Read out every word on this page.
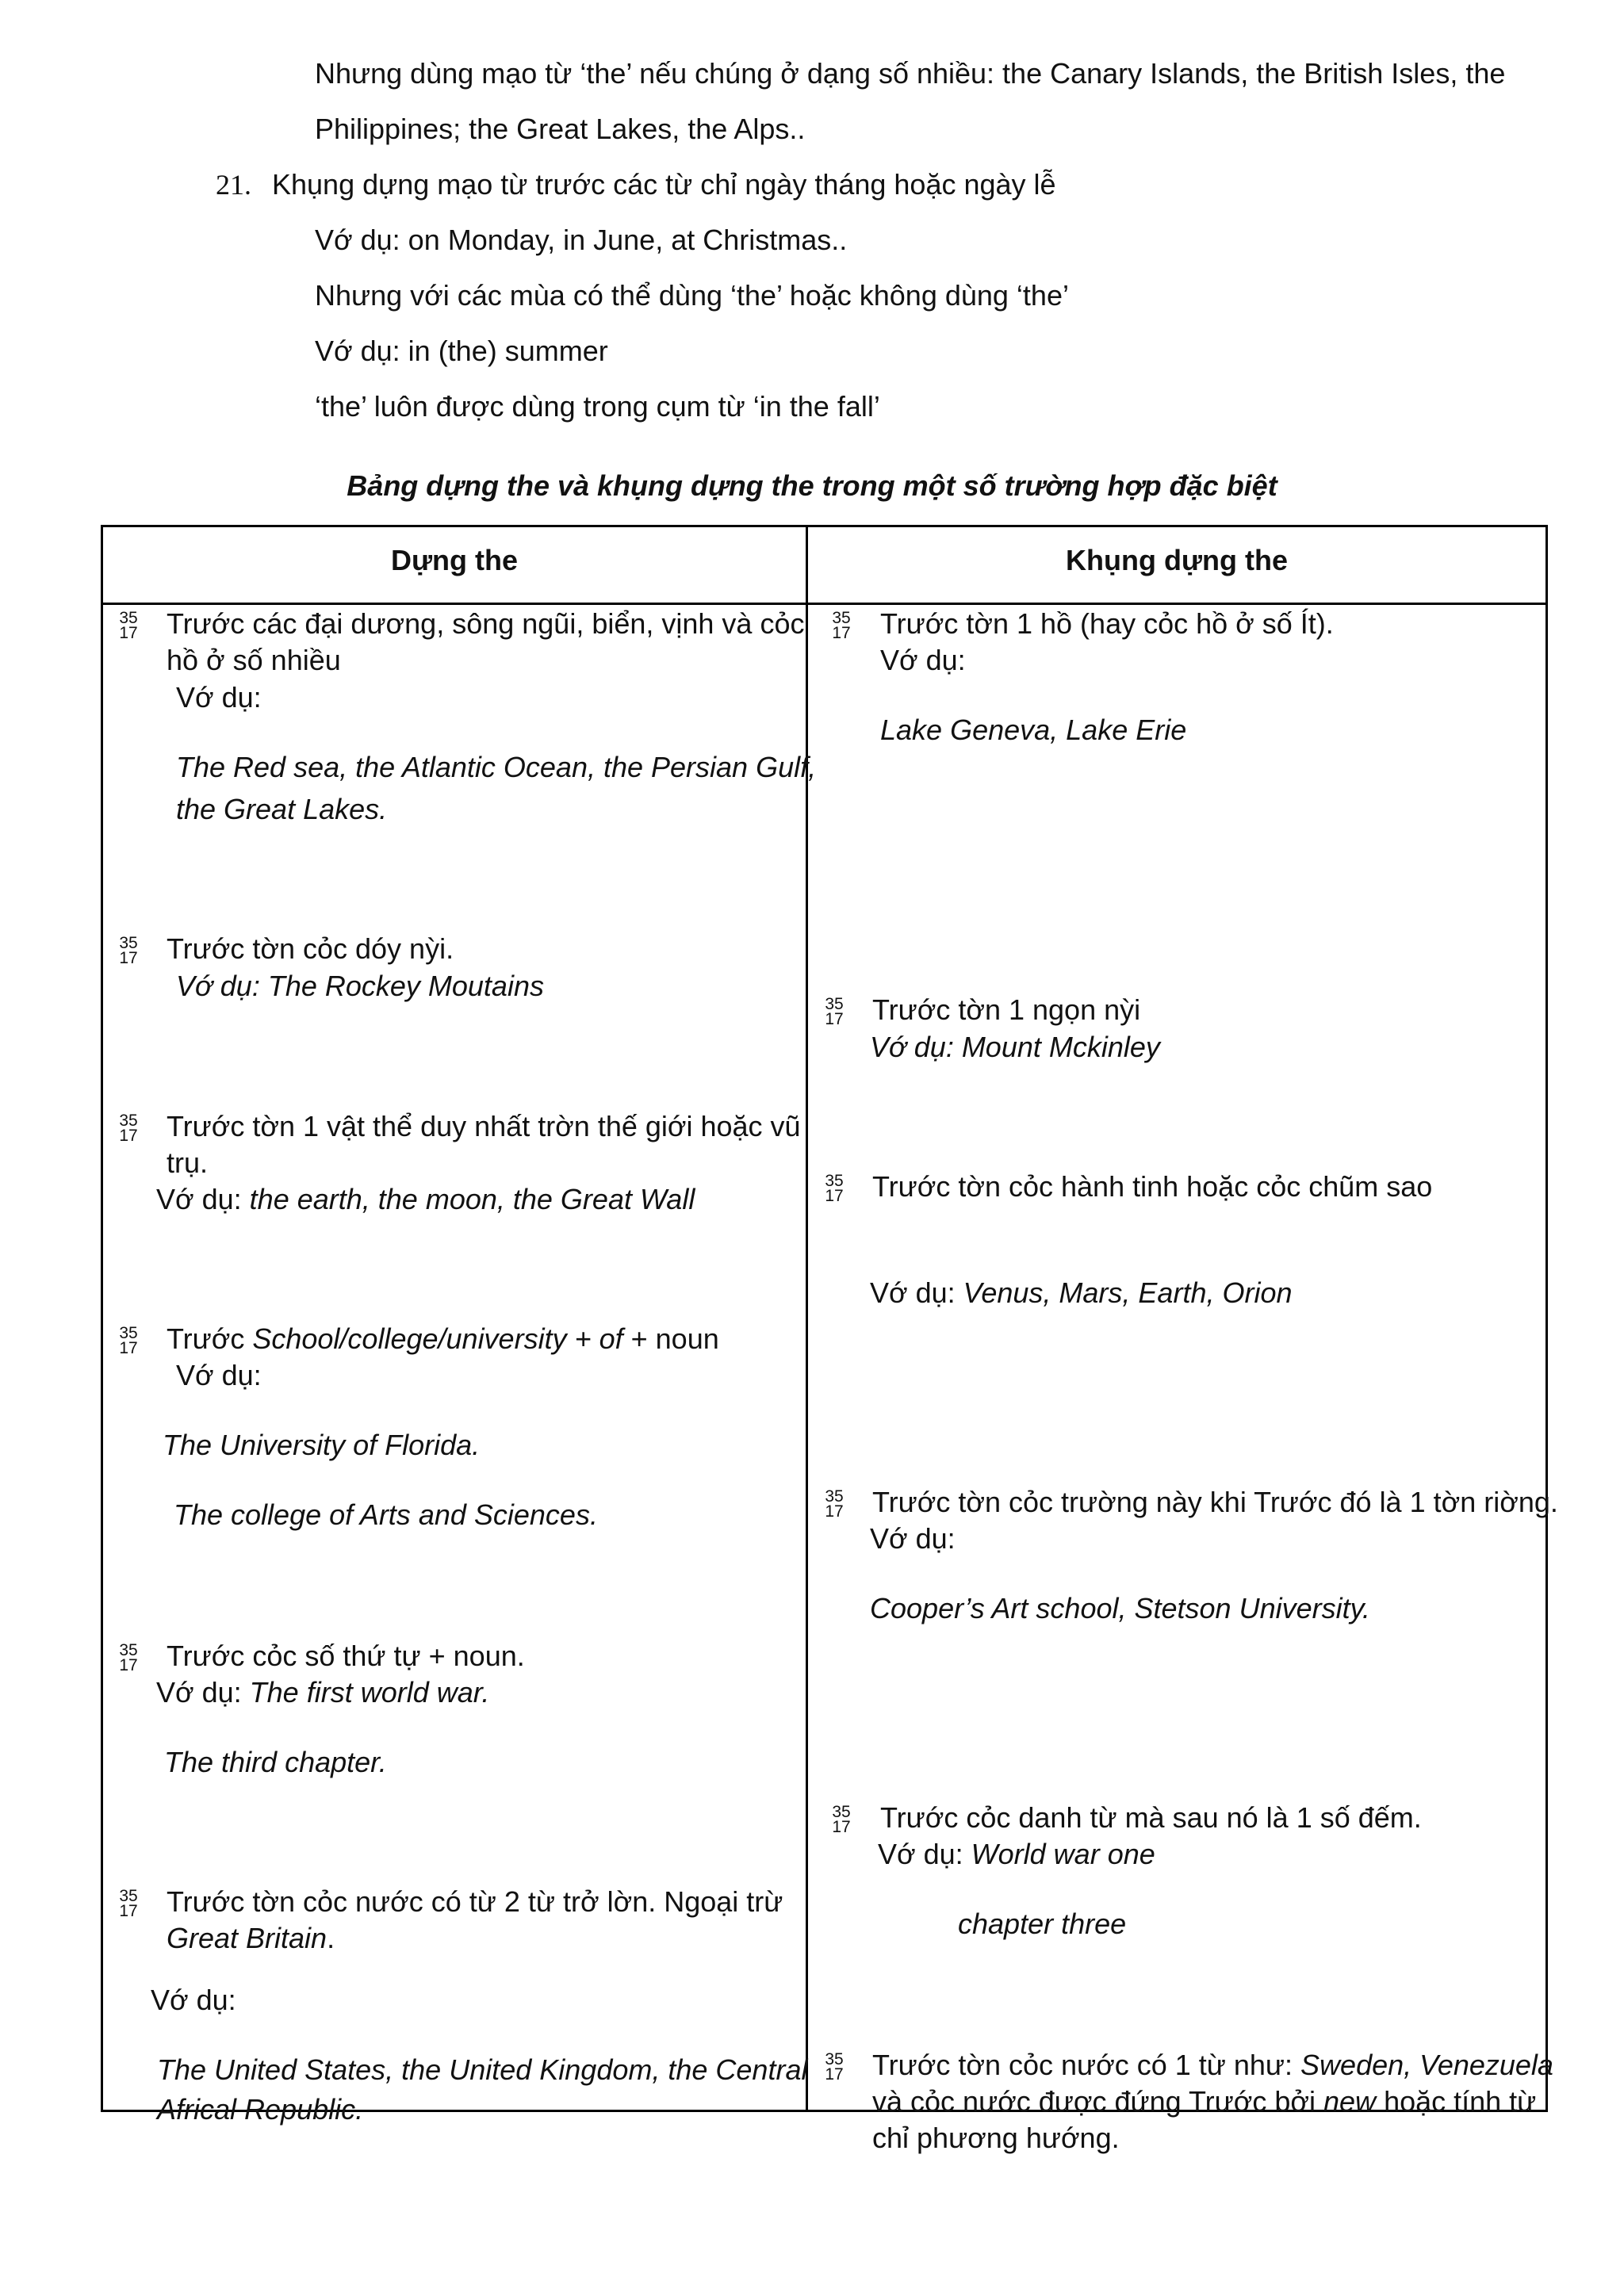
Nhưng dùng mạo từ ‘the’ nếu chúng ở dạng số nhiều: the Canary Islands, the British Isles, the
Philippines; the Great Lakes, the Alps..
21. Khụng dựng mạo từ trước các từ chỉ ngày tháng hoặc ngày lễ
Vớ dụ: on Monday, in June, at Christmas..
Nhưng với các mùa có thể dùng ‘the’ hoặc không dùng ‘the’
Vớ dụ: in (the) summer
‘the’ luôn được dùng trong cụm từ ‘in the fall’
Bảng dựng the và khụng dựng the trong một số trường hợp đặc biệt
Dựng the	Khụng dựng the
35
17 Trước các đại dương, sông ngũi, biển, vịnh và cỏc
hồ ở số nhiều
Vớ dụ:
The Red sea, the Atlantic Ocean, the Persian Gulf,
the Great Lakes.
35
17 Trước tờn cỏc dóy nỳi.
Vớ dụ: The Rockey Moutains
35
17 Trước tờn 1 vật thể duy nhất trờn thế giới hoặc vũ
trụ.
Vớ dụ: the earth, the moon, the Great Wall
35
17 Trước School/college/university + of + noun
Vớ dụ:
The University of Florida.
The college of Arts and Sciences.
35
17 Trước cỏc số thứ tự + noun.
Vớ dụ: The first world war.
The third chapter.
35
17 Trước tờn cỏc nước có từ 2 từ trở lờn. Ngoại trừ
Great Britain.
Vớ dụ:
The United States, the United Kingdom, the Central
Africal Republic.
35
17 Trước tờn 1 hồ (hay cỏc hồ ở số Ít).
Vớ dụ:
Lake Geneva, Lake Erie
35
17 Trước tờn 1 ngọn nỳi
Vớ dụ: Mount Mckinley
35
17 Trước tờn cỏc hành tinh hoặc cỏc chũm sao
Vớ dụ: Venus, Mars, Earth, Orion
35
17 Trước tờn cỏc trường này khi Trước đó là 1 tờn riờng.
Vớ dụ:
Cooper’s Art school, Stetson University.
35
17 Trước cỏc danh từ mà sau nó là 1 số đếm.
Vớ dụ: World war one
chapter three
35
17 Trước tờn cỏc nước có 1 từ như: Sweden, Venezuela
và cỏc nước được đứng Trước bởi new hoặc tính từ
chỉ phương hướng.
